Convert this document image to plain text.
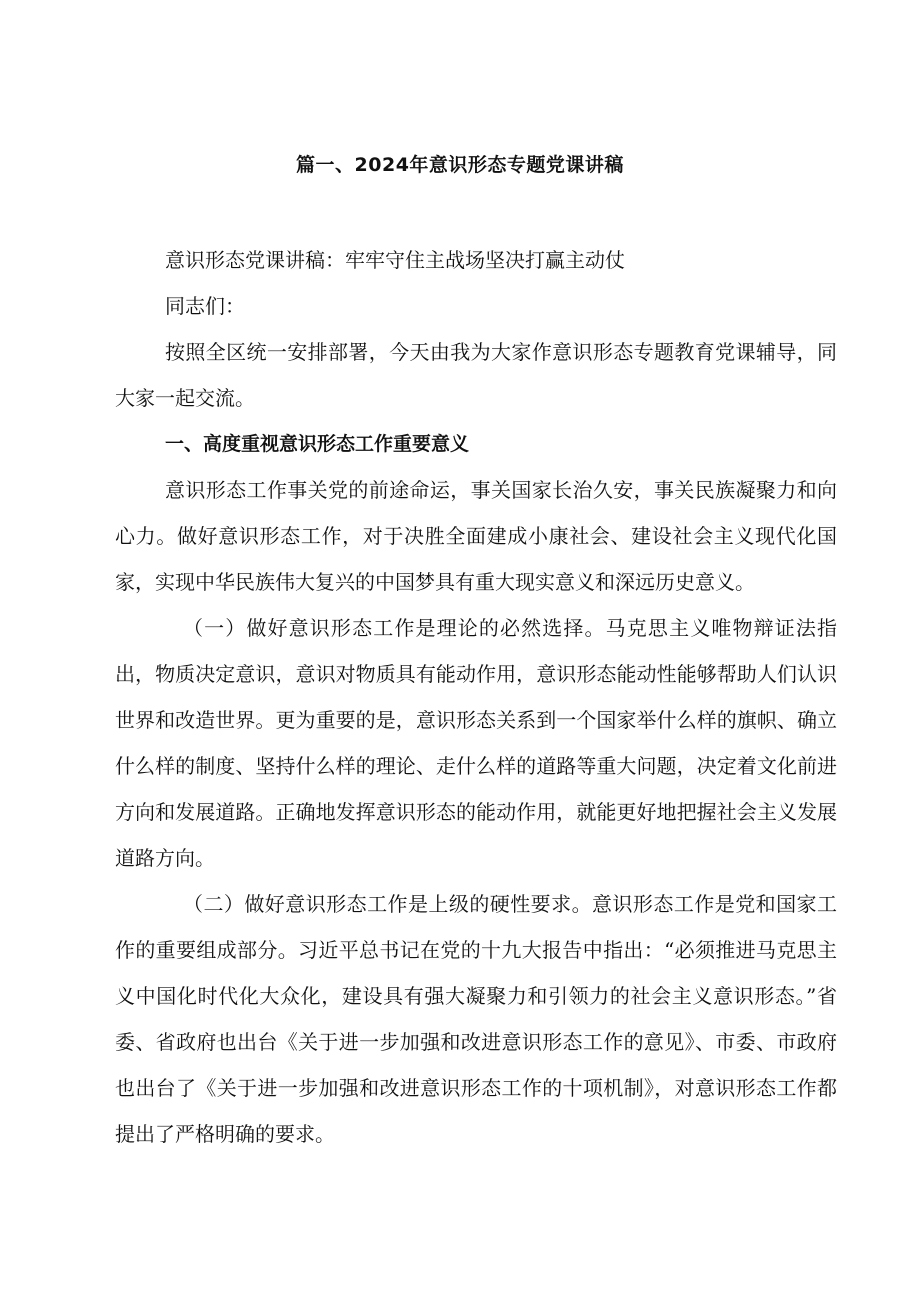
篇一、2024年意识形态专题党课讲稿

意识形态党课讲稿：牢牢守住主战场坚决打赢主动仗

同志们：

按照全区统一安排部署，今天由我为大家作意识形态专题教育党课辅导，同大家一起交流。

一、高度重视意识形态工作重要意义

意识形态工作事关党的前途命运，事关国家长治久安，事关民族凝聚力和向心力。做好意识形态工作，对于决胜全面建成小康社会、建设社会主义现代化国家，实现中华民族伟大复兴的中国梦具有重大现实意义和深远历史意义。

（一）做好意识形态工作是理论的必然选择。马克思主义唯物辩证法指出，物质决定意识，意识对物质具有能动作用，意识形态能动性能够帮助人们认识世界和改造世界。更为重要的是，意识形态关系到一个国家举什么样的旗帜、确立什么样的制度、坚持什么样的理论、走什么样的道路等重大问题，决定着文化前进方向和发展道路。正确地发挥意识形态的能动作用，就能更好地把握社会主义发展道路方向。

（二）做好意识形态工作是上级的硬性要求。意识形态工作是党和国家工作的重要组成部分。习近平总书记在党的十九大报告中指出：“必须推进马克思主义中国化时代化大众化，建设具有强大凝聚力和引领力的社会主义意识形态。”省委、省政府也出台《关于进一步加强和改进意识形态工作的意见》、市委、市政府也出台了《关于进一步加强和改进意识形态工作的十项机制》，对意识形态工作都提出了严格明确的要求。
